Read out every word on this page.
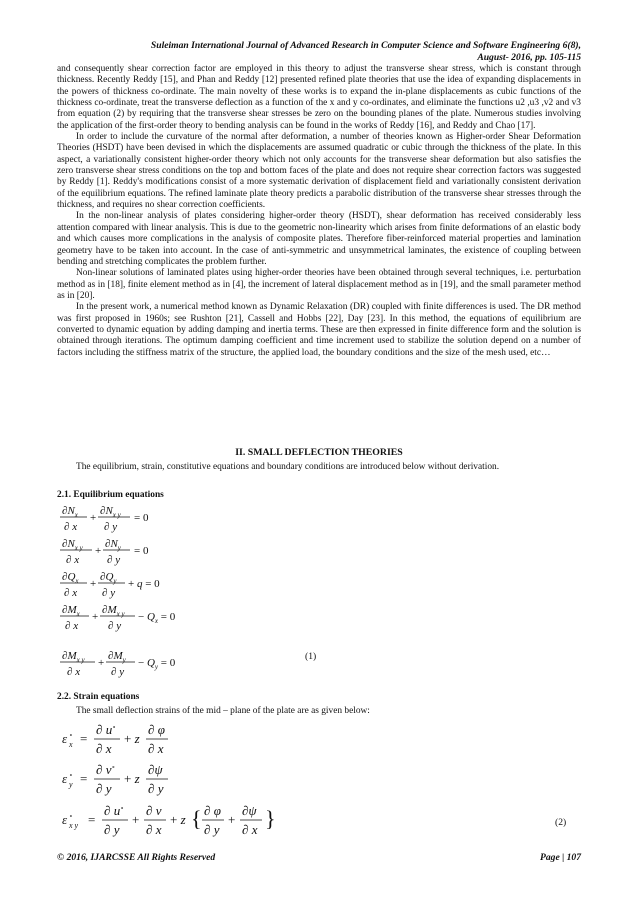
Suleiman International Journal of Advanced Research in Computer Science and Software Engineering 6(8),
August- 2016, pp. 105-115

and consequently shear correction factor are employed in this theory to adjust the transverse shear stress, which is constant through thickness. Recently Reddy [15], and Phan and Reddy [12] presented refined plate theories that use the idea of expanding displacements in the powers of thickness co-ordinate. The main novelty of these works is to expand the in-plane displacements as cubic functions of the thickness co-ordinate, treat the transverse deflection as a function of the x and y co-ordinates, and eliminate the functions u2 ,u3 ,v2 and v3 from equation (2) by requiring that the transverse shear stresses be zero on the bounding planes of the plate. Numerous studies involving the application of the first-order theory to bending analysis can be found in the works of Reddy [16], and Reddy and Chao [17].

In order to include the curvature of the normal after deformation, a number of theories known as Higher-order Shear Deformation Theories (HSDT) have been devised in which the displacements are assumed quadratic or cubic through the thickness of the plate. In this aspect, a variationally consistent higher-order theory which not only accounts for the transverse shear deformation but also satisfies the zero transverse shear stress conditions on the top and bottom faces of the plate and does not require shear correction factors was suggested by Reddy [1]. Reddy's modifications consist of a more systematic derivation of displacement field and variationally consistent derivation of the equilibrium equations. The refined laminate plate theory predicts a parabolic distribution of the transverse shear stresses through the thickness, and requires no shear correction coefficients.

In the non-linear analysis of plates considering higher-order theory (HSDT), shear deformation has received considerably less attention compared with linear analysis. This is due to the geometric non-linearity which arises from finite deformations of an elastic body and which causes more complications in the analysis of composite plates. Therefore fiber-reinforced material properties and lamination geometry have to be taken into account. In the case of anti-symmetric and unsymmetrical laminates, the existence of coupling between bending and stretching complicates the problem further.

Non-linear solutions of laminated plates using higher-order theories have been obtained through several techniques, i.e. perturbation method as in [18], finite element method as in [4], the increment of lateral displacement method as in [19], and the small parameter method as in [20].

In the present work, a numerical method known as Dynamic Relaxation (DR) coupled with finite differences is used. The DR method was first proposed in 1960s; see Rushton [21], Cassell and Hobbs [22], Day [23]. In this method, the equations of equilibrium are converted to dynamic equation by adding damping and inertia terms. These are then expressed in finite difference form and the solution is obtained through iterations. The optimum damping coefficient and time increment used to stabilize the solution depend on a number of factors including the stiffness matrix of the structure, the applied load, the boundary conditions and the size of the mesh used, etc…

II. SMALL DEFLECTION THEORIES
The equilibrium, strain, constitutive equations and boundary conditions are introduced below without derivation.
2.1. Equilibrium equations
$\partial N_x$
∂ x
+
$\partial N_{x y}$
∂ y
= 0
$\partial N_{x y}$
∂ x
+
$\partial N_y$
∂ y
= 0
$\partial Q_x$
∂ x
+
$\partial Q_y$
∂ y
+ q = 0
$\partial M_x$
∂ x
+
$\partial M_{x y}$
∂ y
− $Q_x = 0$
$\partial M_{x y}$
∂ x
+
$\partial M_y$
∂ y
− $Q_y = 0$
(1)
2.2. Strain equations
The small deflection strains of the mid – plane of the plate are as given below:
ε ∘
x =
∂ u∘
∂ x
+ z
∂ φ
∂ x
ε ∘
y =
∂ v∘
∂ y
+ z
∂ψ
∂ y
ε ∘
x y =
∂ u∘
∂ y
+
∂ v
∂ x
+ z { ∂ φ
∂ y
+
∂ψ
∂ x }	(2)
© 2016, IJARCSSE All Rights Reserved	Page | 107
